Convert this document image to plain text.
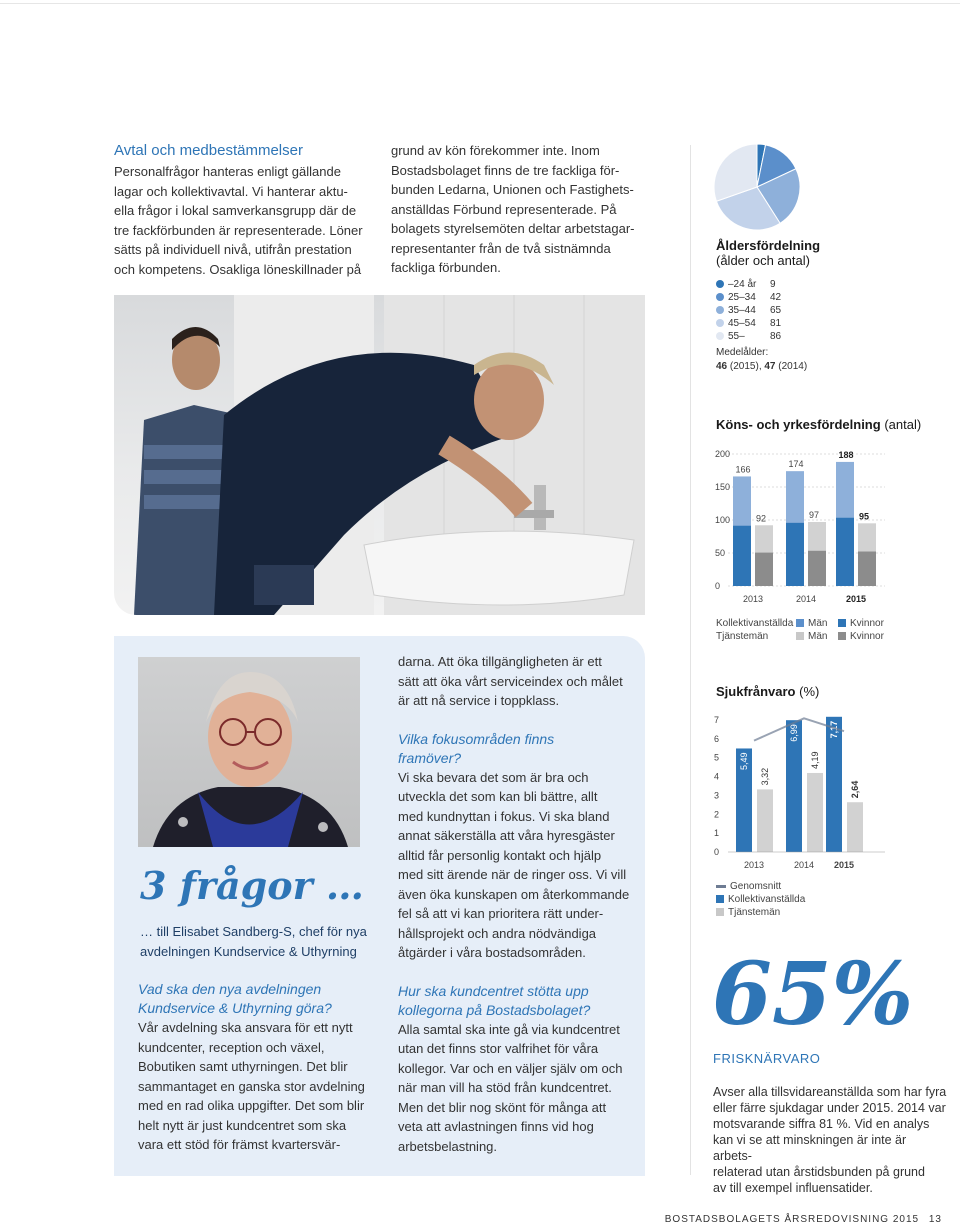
Avtal och medbestämmelser
Personalfrågor hanteras enligt gällande
lagar och kollektivavtal. Vi hanterar aktu-
ella frågor i lokal samverkansgrupp där de
tre fackförbunden är representerade. Löner
sätts på individuell nivå, utifrån prestation
och kompetens. Osakliga löneskillnader på
grund av kön förekommer inte. Inom
Bostadsbolaget finns de tre fackliga för-
bunden Ledarna, Unionen och Fastighets-
anställdas Förbund representerade. På
bolagets styrelsemöten deltar arbetstagar-
representanter från de två sistnämnda
fackliga förbunden.
3 frågor …
… till Elisabet Sandberg-S, chef för nya
avdelningen Kundservice & Uthyrning
Vad ska den nya avdelningen
Kundservice & Uthyrning göra?
Vår avdelning ska ansvara för ett nytt
kundcenter, reception och växel,
Bobutiken samt uthyrningen. Det blir
sammantaget en ganska stor avdelning
med en rad olika uppgifter. Det som blir
helt nytt är just kundcentret som ska
vara ett stöd för främst kvartersvär-
darna. Att öka tillgängligheten är ett
sätt att öka vårt serviceindex och målet
är att nå service i toppklass.
Vilka fokusområden finns
framöver?
Vi ska bevara det som är bra och
utveckla det som kan bli bättre, allt
med kundnyttan i fokus. Vi ska bland
annat säkerställa att våra hyresgäster
alltid får personlig kontakt och hjälp
med sitt ärende när de ringer oss. Vi vill
även öka kunskapen om återkommande
fel så att vi kan prioritera rätt under-
hållsprojekt och andra nödvändiga
åtgärder i våra bostadsområden.
Hur ska kundcentret stötta upp
kollegorna på Bostadsbolaget?
Alla samtal ska inte gå via kundcentret
utan det finns stor valfrihet för våra
kollegor. Var och en väljer själv om och
när man vill ha stöd från kundcentret.
Men det blir nog skönt för många att
veta att avlastningen finns vid hog
arbetsbelastning.
Åldersfördelning
(ålder och antal)
–24 år 9
25–34 42
35–44 65
45–54 81
55–	86
Medelålder:
46 (2015), 47 (2014)
Köns- och yrkesfördelning (antal)
200
150
100
50
0
166
92
2013
174
97
2014
188
95
2015
Kollektivanställda Män Kvinnor
Tjänstemän	Män Kvinnor
Sjukfrånvaro (%)
7
6
5
4
3
2
1
0
5,49
3,32
2013
6,99
4,19
2014
7,17
2,64
2015
Genomsnitt
Kollektivanställda
Tjänstemän
65%
FRISKNÄRVARO
Avser alla tillsvidareanställda som har fyra
eller färre sjukdagar under 2015. 2014 var
motsvarande siffra 81 %. Vid en analys
kan vi se att minskningen är inte är arbets-
relaterad utan årstidsbunden på grund
av till exempel influensatider.
BOSTADSBOLAGETS ÅRSREDOVISNING 2015 13
